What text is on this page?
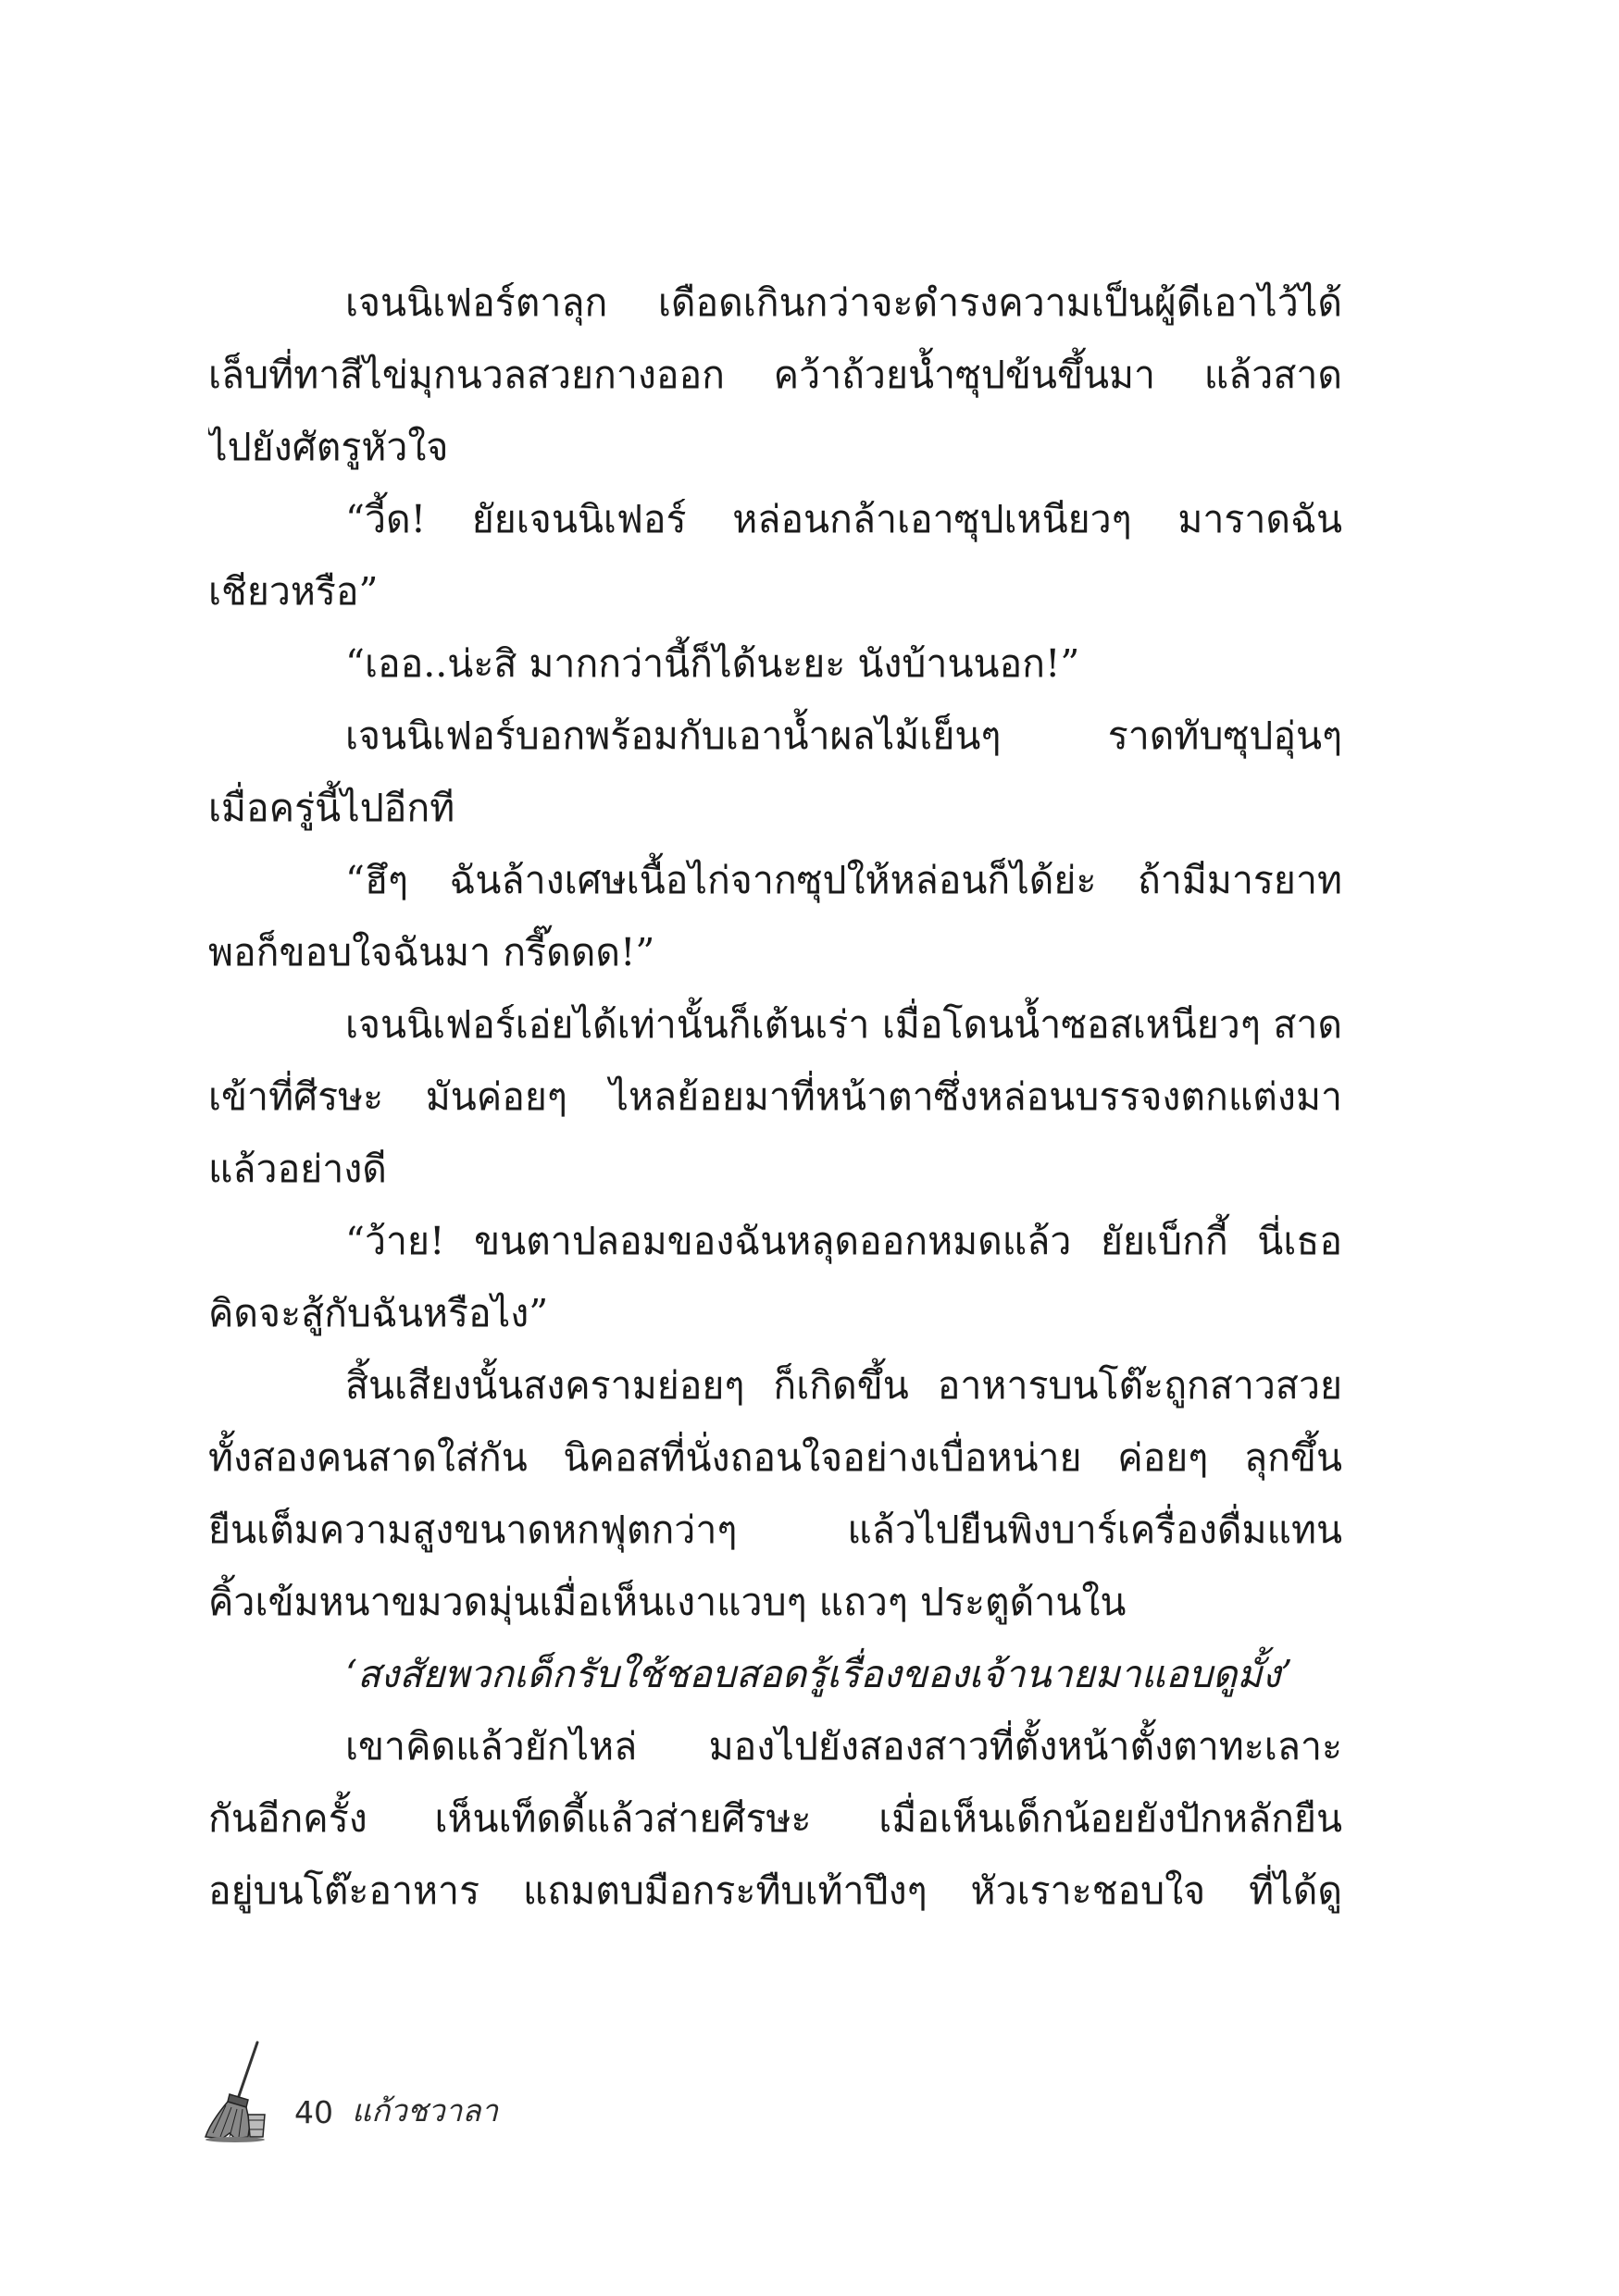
เจนนิเฟอร์ตาลุก เดือดเกินกว่าจะดำรงความเป็นผู้ดีเอาไว้ได้
เล็บที่ทาสีไข่มุกนวลสวยกางออก คว้าถ้วยน้ำซุปข้นขึ้นมา แล้วสาด
ไปยังศัตรูหัวใจ
“วี้ด! ยัยเจนนิเฟอร์ หล่อนกล้าเอาซุปเหนียวๆ มาราดฉัน
เชียวหรือ”
“เออ..น่ะสิ มากกว่านี้ก็ได้นะยะ นังบ้านนอก!”
เจนนิเฟอร์บอกพร้อมกับเอาน้ำผลไม้เย็นๆ ราดทับซุปอุ่นๆ
เมื่อครู่นี้ไปอีกที
“ฮึๆ ฉันล้างเศษเนื้อไก่จากซุปให้หล่อนก็ได้ย่ะ ถ้ามีมารยาท
พอก็ขอบใจฉันมา กรี๊ดดด!”
เจนนิเฟอร์เอ่ยได้เท่านั้นก็เต้นเร่า เมื่อโดนน้ำซอสเหนียวๆ สาด
เข้าที่ศีรษะ มันค่อยๆ ไหลย้อยมาที่หน้าตาซึ่งหล่อนบรรจงตกแต่งมา
แล้วอย่างดี
“ว้าย! ขนตาปลอมของฉันหลุดออกหมดแล้ว ยัยเบ็กกี้ นี่เธอ
คิดจะสู้กับฉันหรือไง”
สิ้นเสียงนั้นสงครามย่อยๆ ก็เกิดขึ้น อาหารบนโต๊ะถูกสาวสวย
ทั้งสองคนสาดใส่กัน นิคอสที่นั่งถอนใจอย่างเบื่อหน่าย ค่อยๆ ลุกขึ้น
ยืนเต็มความสูงขนาดหกฟุตกว่าๆ แล้วไปยืนพิงบาร์เครื่องดื่มแทน
คิ้วเข้มหนาขมวดมุ่นเมื่อเห็นเงาแวบๆ แถวๆ ประตูด้านใน
‘สงสัยพวกเด็กรับใช้ชอบสอดรู้เรื่องของเจ้านายมาแอบดูมั้ง’
เขาคิดแล้วยักไหล่ มองไปยังสองสาวที่ตั้งหน้าตั้งตาทะเลาะ
กันอีกครั้ง เห็นเท็ดดี้แล้วส่ายศีรษะ เมื่อเห็นเด็กน้อยยังปักหลักยืน
อยู่บนโต๊ะอาหาร แถมตบมือกระทืบเท้าปึงๆ หัวเราะชอบใจ ที่ได้ดู
40 แก้วชวาลา
